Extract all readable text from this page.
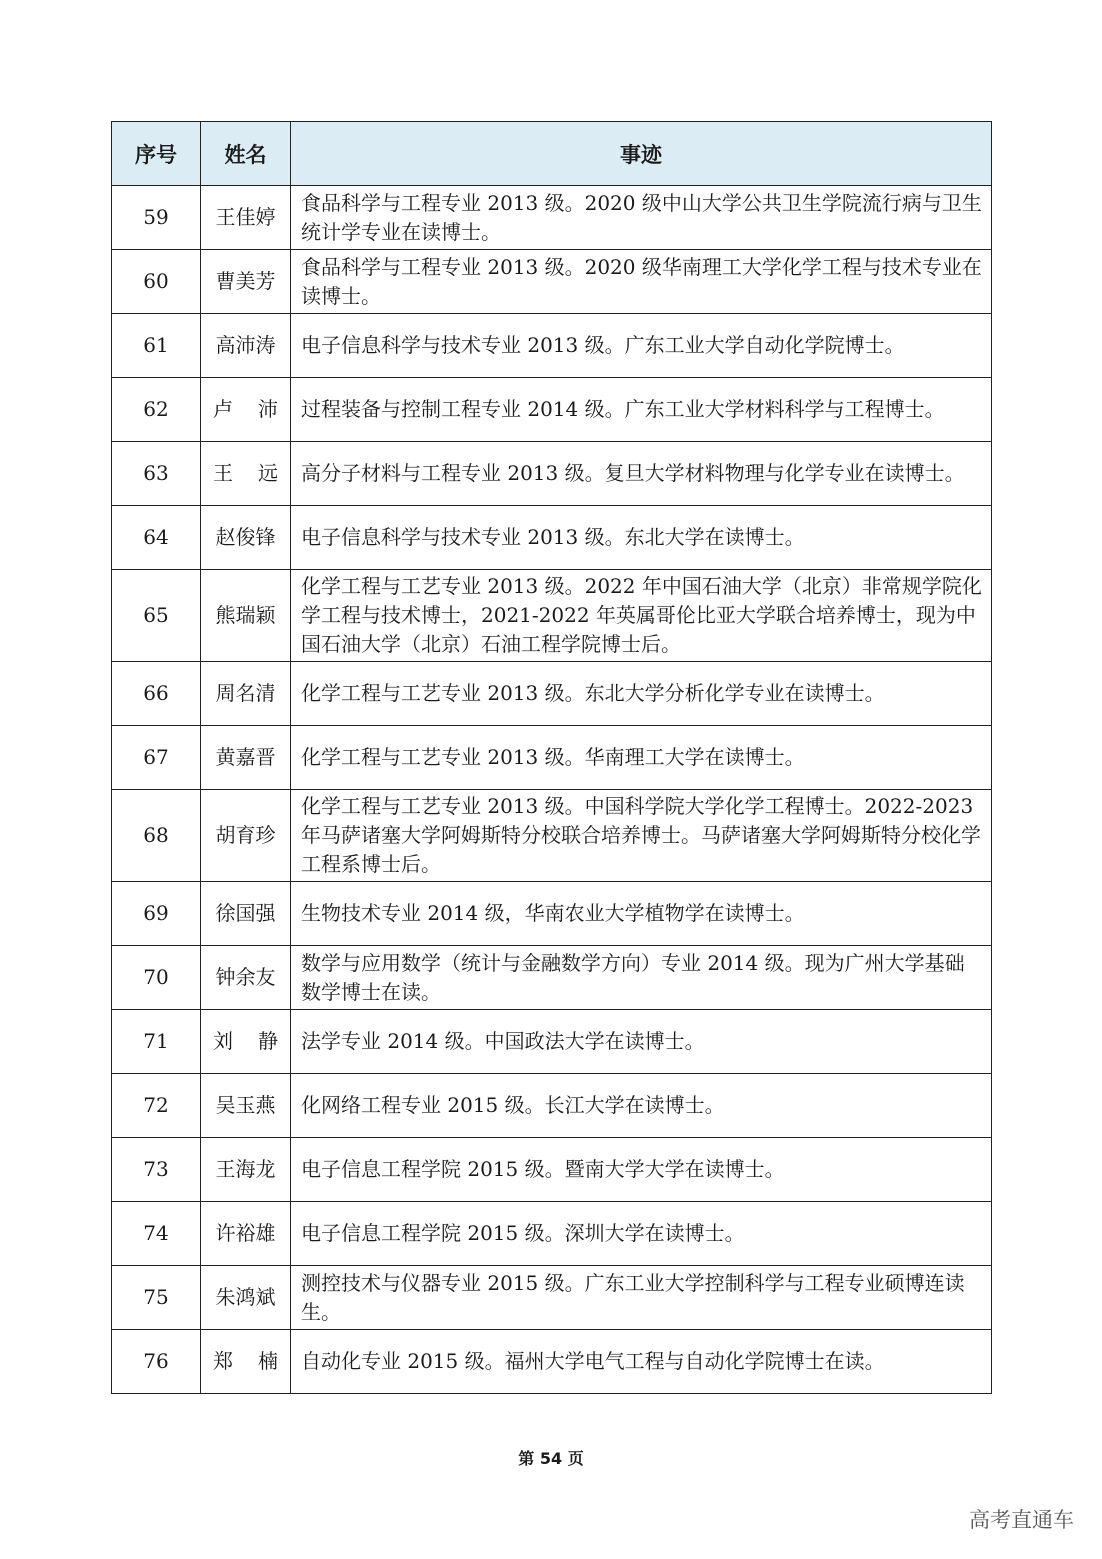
序号	姓名	事迹
59	王佳婷	食品科学与工程专业 2013 级。2020 级中山大学公共卫生学院流行病与卫生统计学专业在读博士。
60	曹美芳	食品科学与工程专业 2013 级。2020 级华南理工大学化学工程与技术专业在读博士。
61	高沛涛	电子信息科学与技术专业 2013 级。广东工业大学自动化学院博士。
62	卢沛	过程装备与控制工程专业 2014 级。广东工业大学材料科学与工程博士。
63	王远	高分子材料与工程专业 2013 级。复旦大学材料物理与化学专业在读博士。
64	赵俊锋	电子信息科学与技术专业 2013 级。东北大学在读博士。
65	熊瑞颖	化学工程与工艺专业 2013 级。2022 年中国石油大学（北京）非常规学院化学工程与技术博士，2021-2022 年英属哥伦比亚大学联合培养博士，现为中国石油大学（北京）石油工程学院博士后。
66	周名清	化学工程与工艺专业 2013 级。东北大学分析化学专业在读博士。
67	黄嘉晋	化学工程与工艺专业 2013 级。华南理工大学在读博士。
68	胡育珍	化学工程与工艺专业 2013 级。中国科学院大学化学工程博士。2022-2023 年马萨诸塞大学阿姆斯特分校联合培养博士。马萨诸塞大学阿姆斯特分校化学工程系博士后。
69	徐国强	生物技术专业 2014 级，华南农业大学植物学在读博士。
70	钟余友	数学与应用数学（统计与金融数学方向）专业 2014 级。现为广州大学基础数学博士在读。
71	刘静	法学专业 2014 级。中国政法大学在读博士。
72	吴玉燕	化网络工程专业 2015 级。长江大学在读博士。
73	王海龙	电子信息工程学院 2015 级。暨南大学大学在读博士。
74	许裕雄	电子信息工程学院 2015 级。深圳大学在读博士。
75	朱鸿斌	测控技术与仪器专业 2015 级。广东工业大学控制科学与工程专业硕博连读生。
76	郑楠	自动化专业 2015 级。福州大学电气工程与自动化学院博士在读。
第 54 页
高考直通车
